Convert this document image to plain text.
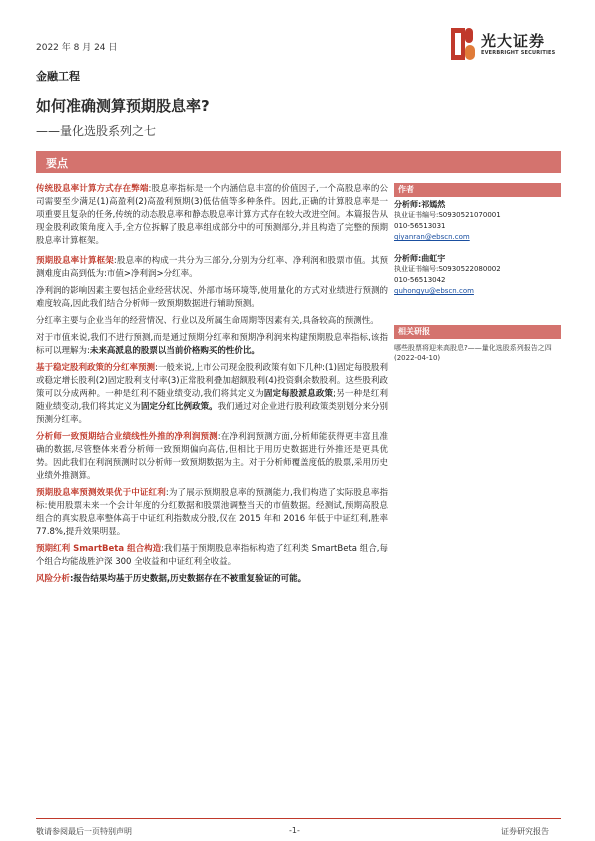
2022 年 8 月 24 日	光大证券
EVERBRIGHT SECURITIES
金融工程
如何准确测算预期股息率?
——量化选股系列之七
要点

传统股息率计算方式存在弊端:股息率指标是一个内涵信息丰富的价值因子,一个高股息率的公司需要至少满足(1)高盈利(2)高盈利预期(3)低估值等多种条件。因此,正确的计算股息率是一项重要且复杂的任务,传统的动态股息率和静态股息率计算方式存在较大改进空间。本篇报告从现金股利政策角度入手,全方位拆解了股息率组成部分中的可预测部分,并且构造了完整的预期股息率计算框架。

预期股息率计算框架:股息率的构成一共分为三部分,分别为分红率、净利润和股票市值。其预测难度由高到低为:市值>净利润>分红率。

净利润的影响因素主要包括企业经营状况、外部市场环境等,使用量化的方式对业绩进行预测的难度较高,因此我们结合分析师一致预期数据进行辅助预测。

分红率主要与企业当年的经营情况、行业以及所属生命周期等因素有关,具备较高的预测性。

对于市值来说,我们不进行预测,而是通过预期分红率和预期净利润来构建预期股息率指标,该指标可以理解为:未来高派息的股票以当前价格购买的性价比。

基于稳定股利政策的分红率预测:一般来说,上市公司现金股利政策有如下几种:(1)固定每股股利或稳定增长股利(2)固定股利支付率(3)正常股利叠加超额股利(4)投资剩余数股利。这些股利政策可以分成两种。一种是红利不随业绩变动,我们将其定义为固定每股派息政策;另一种是红利随业绩变动,我们将其定义为固定分红比例政策。我们通过对企业进行股利政策类别划分来分别预测分红率。

分析师一致预期结合业绩线性外推的净利润预测:在净利润预测方面,分析师能获得更丰富且准确的数据,尽管整体来看分析师一致预期偏向高估,但相比于用历史数据进行外推还是更具优势。因此我们在利润预测时以分析师一致预期数据为主。对于分析师覆盖度低的股票,采用历史业绩外推测算。

预期股息率预测效果优于中证红利:为了展示预期股息率的预测能力,我们构造了实际股息率指标:使用股票未来一个会计年度的分红数据和股票池调整当天的市值数据。经测试,预期高股息组合的真实股息率整体高于中证红利指数成分股,仅在 2015 年和 2016 年低于中证红利,胜率 77.8%,提升效果明显。

预期红利 SmartBeta 组合构造:我们基于预期股息率指标构造了红利类 SmartBeta 组合,每个组合均能战胜沪深 300 全收益和中证红利全收益。

风险分析:报告结果均基于历史数据,历史数据存在不被重复验证的可能。

作者
分析师:祁嫣然
执业证书编号:S0930521070001
010-56513031
qiyanran@ebscn.com
分析师:曲虹宇
执业证书编号:S0930522080002
010-56513042
quhongyu@ebscn.com
相关研报
哪些股票将迎来高股息?——量化选股系列报告之四(2022-04-10)
敬请参阅最后一页特别声明	-1-	证券研究报告
